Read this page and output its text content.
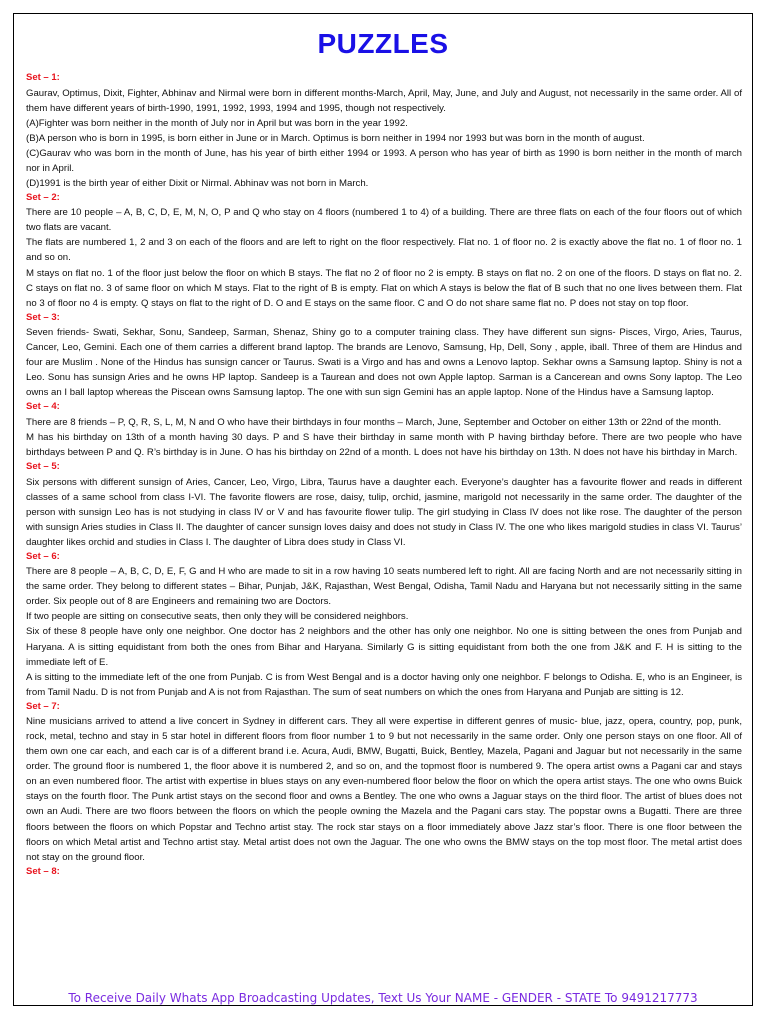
PUZZLES

Set – 1:

Gaurav, Optimus, Dixit, Fighter, Abhinav and Nirmal were born in different months-March, April, May, June, and July and August, not necessarily in the same order. All of them have different years of birth-1990, 1991, 1992, 1993, 1994 and 1995, though not respectively.

(A)Fighter was born neither in the month of July nor in April but was born in the year 1992.

(B)A person who is born in 1995, is born either in June or in March. Optimus is born neither in 1994 nor 1993 but was born in the month of august.

(C)Gaurav who was born in the month of June, has his year of birth either 1994 or 1993. A person who has year of birth as 1990 is born neither in the month of march nor in April.

(D)1991 is the birth year of either Dixit or Nirmal. Abhinav was not born in March.

Set – 2:

There are 10 people – A, B, C, D, E, M, N, O, P and Q who stay on 4 floors (numbered 1 to 4) of a building. There are three flats on each of the four floors out of which two flats are vacant.

The flats are numbered 1, 2 and 3 on each of the floors and are left to right on the floor respectively. Flat no. 1 of floor no. 2 is exactly above the flat no. 1 of floor no. 1 and so on.

M stays on flat no. 1 of the floor just below the floor on which B stays. The flat no 2 of floor no 2 is empty. B stays on flat no. 2 on one of the floors. D stays on flat no. 2. C stays on flat no. 3 of same floor on which M stays. Flat to the right of B is empty. Flat on which A stays is below the flat of B such that no one lives between them. Flat no 3 of floor no 4 is empty. Q stays on flat to the right of D. O and E stays on the same floor. C and O do not share same flat no. P does not stay on top floor.

Set – 3:

Seven friends- Swati, Sekhar, Sonu, Sandeep, Sarman, Shenaz, Shiny go to a computer training class. They have different sun signs- Pisces, Virgo, Aries, Taurus, Cancer, Leo, Gemini. Each one of them carries a different brand laptop. The brands are Lenovo, Samsung, Hp, Dell, Sony , apple, iball. Three of them are Hindus and four are Muslim . None of the Hindus has sunsign cancer or Taurus. Swati is a Virgo and has and owns a Lenovo laptop. Sekhar owns a Samsung laptop. Shiny is not a Leo. Sonu has sunsign Aries and he owns HP laptop. Sandeep is a Taurean and does not own Apple laptop. Sarman is a Cancerean and owns Sony laptop. The Leo owns an I ball laptop whereas the Piscean owns Samsung laptop. The one with sun sign Gemini has an apple laptop. None of the Hindus have a Samsung laptop.

Set – 4:

There are 8 friends – P, Q, R, S, L, M, N and O who have their birthdays in four months – March, June, September and October on either 13th or 22nd of the month.

M has his birthday on 13th of a month having 30 days. P and S have their birthday in same month with P having birthday before. There are two people who have birthdays between P and Q. R’s birthday is in June. O has his birthday on 22nd of a month. L does not have his birthday on 13th. N does not have his birthday in March.

Set – 5:

Six persons with different sunsign of Aries, Cancer, Leo, Virgo, Libra, Taurus have a daughter each. Everyone’s daughter has a favourite flower and reads in different classes of a same school from class I-VI. The favorite flowers are rose, daisy, tulip, orchid, jasmine, marigold not necessarily in the same order. The daughter of the person with sunsign Leo has is not studying in class IV or V and has favourite flower tulip. The girl studying in Class IV does not like rose. The daughter of the person with sunsign Aries studies in Class II. The daughter of cancer sunsign loves daisy and does not study in Class IV. The one who likes marigold studies in class VI. Taurus’ daughter likes orchid and studies in Class I. The daughter of Libra does study in Class VI.

Set – 6:

There are 8 people – A, B, C, D, E, F, G and H who are made to sit in a row having 10 seats numbered left to right. All are facing North and are not necessarily sitting in the same order. They belong to different states – Bihar, Punjab, J&K, Rajasthan, West Bengal, Odisha, Tamil Nadu and Haryana but not necessarily sitting in the same order. Six people out of 8 are Engineers and remaining two are Doctors.

If two people are sitting on consecutive seats, then only they will be considered neighbors.

Six of these 8 people have only one neighbor. One doctor has 2 neighbors and the other has only one neighbor. No one is sitting between the ones from Punjab and Haryana. A is sitting equidistant from both the ones from Bihar and Haryana. Similarly G is sitting equidistant from both the one from J&K and F. H is sitting to the immediate left of E.

A is sitting to the immediate left of the one from Punjab. C is from West Bengal and is a doctor having only one neighbor. F belongs to Odisha. E, who is an Engineer, is from Tamil Nadu. D is not from Punjab and A is not from Rajasthan. The sum of seat numbers on which the ones from Haryana and Punjab are sitting is 12.

Set – 7:

Nine musicians arrived to attend a live concert in Sydney in different cars. They all were expertise in different genres of music- blue, jazz, opera, country, pop, punk, rock, metal, techno and stay in 5 star hotel in different floors from floor number 1 to 9 but not necessarily in the same order. Only one person stays on one floor. All of them own one car each, and each car is of a different brand i.e. Acura, Audi, BMW, Bugatti, Buick, Bentley, Mazela, Pagani and Jaguar but not necessarily in the same order. The ground floor is numbered 1, the floor above it is numbered 2, and so on, and the topmost floor is numbered 9. The opera artist owns a Pagani car and stays on an even numbered floor. The artist with expertise in blues stays on any even-numbered floor below the floor on which the opera artist stays. The one who owns Buick stays on the fourth floor. The Punk artist stays on the second floor and owns a Bentley. The one who owns a Jaguar stays on the third floor. The artist of blues does not own an Audi. There are two floors between the floors on which the people owning the Mazela and the Pagani cars stay. The popstar owns a Bugatti. There are three floors between the floors on which Popstar and Techno artist stay. The rock star stays on a floor immediately above Jazz star’s floor. There is one floor between the floors on which Metal artist and Techno artist stay. Metal artist does not own the Jaguar. The one who owns the BMW stays on the top most floor. The metal artist does not stay on the ground floor.

Set – 8:

To Receive Daily Whats App Broadcasting Updates, Text Us Your NAME - GENDER - STATE To 9491217773
